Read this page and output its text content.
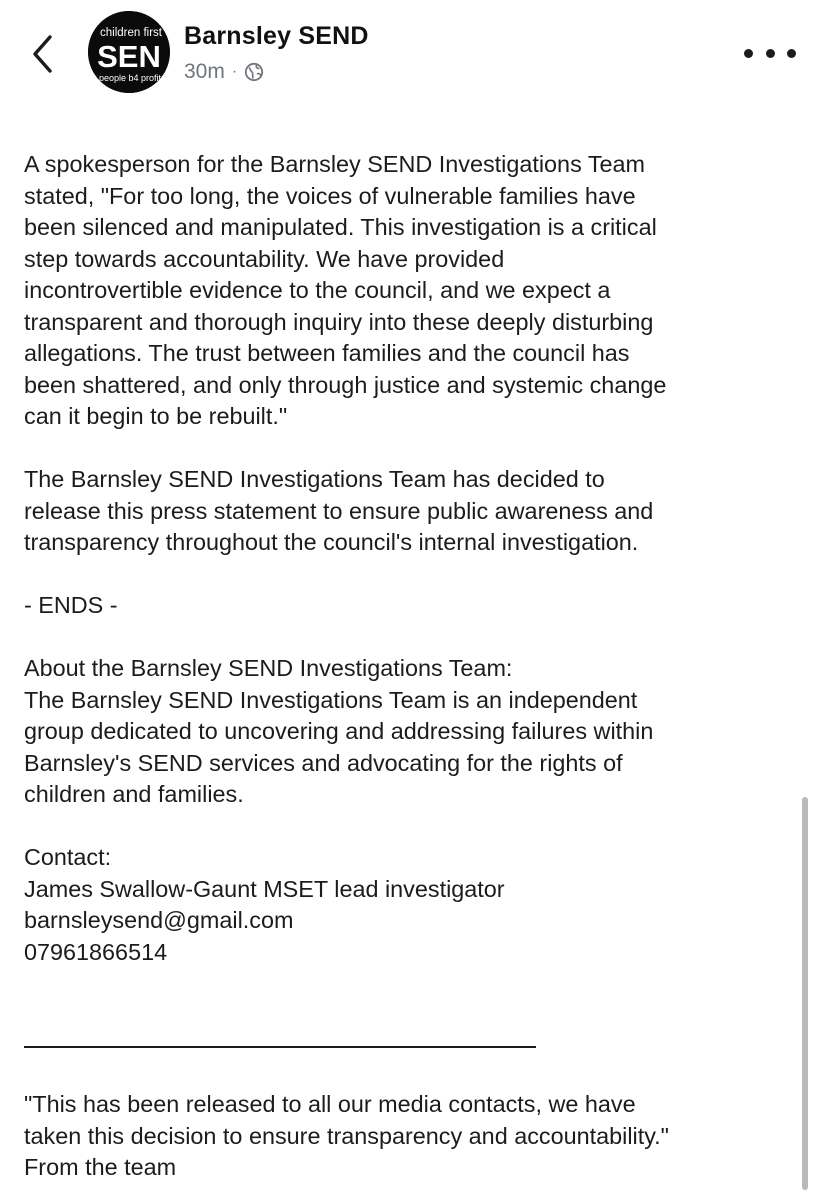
children first
SEN
people b4 profit
Barnsley SEND
30m ·

A spokesperson for the Barnsley SEND Investigations Team
stated, "For too long, the voices of vulnerable families have
been silenced and manipulated. This investigation is a critical
step towards accountability. We have provided
incontrovertible evidence to the council, and we expect a
transparent and thorough inquiry into these deeply disturbing
allegations. The trust between families and the council has
been shattered, and only through justice and systemic change
can it begin to be rebuilt."

The Barnsley SEND Investigations Team has decided to
release this press statement to ensure public awareness and
transparency throughout the council's internal investigation.

- ENDS -

About the Barnsley SEND Investigations Team:
The Barnsley SEND Investigations Team is an independent
group dedicated to uncovering and addressing failures within
Barnsley's SEND services and advocating for the rights of
children and families.

Contact:
James Swallow-Gaunt MSET lead investigator
barnsleysend@gmail.com
07961866514

"This has been released to all our media contacts, we have
taken this decision to ensure transparency and accountability."
From the team
